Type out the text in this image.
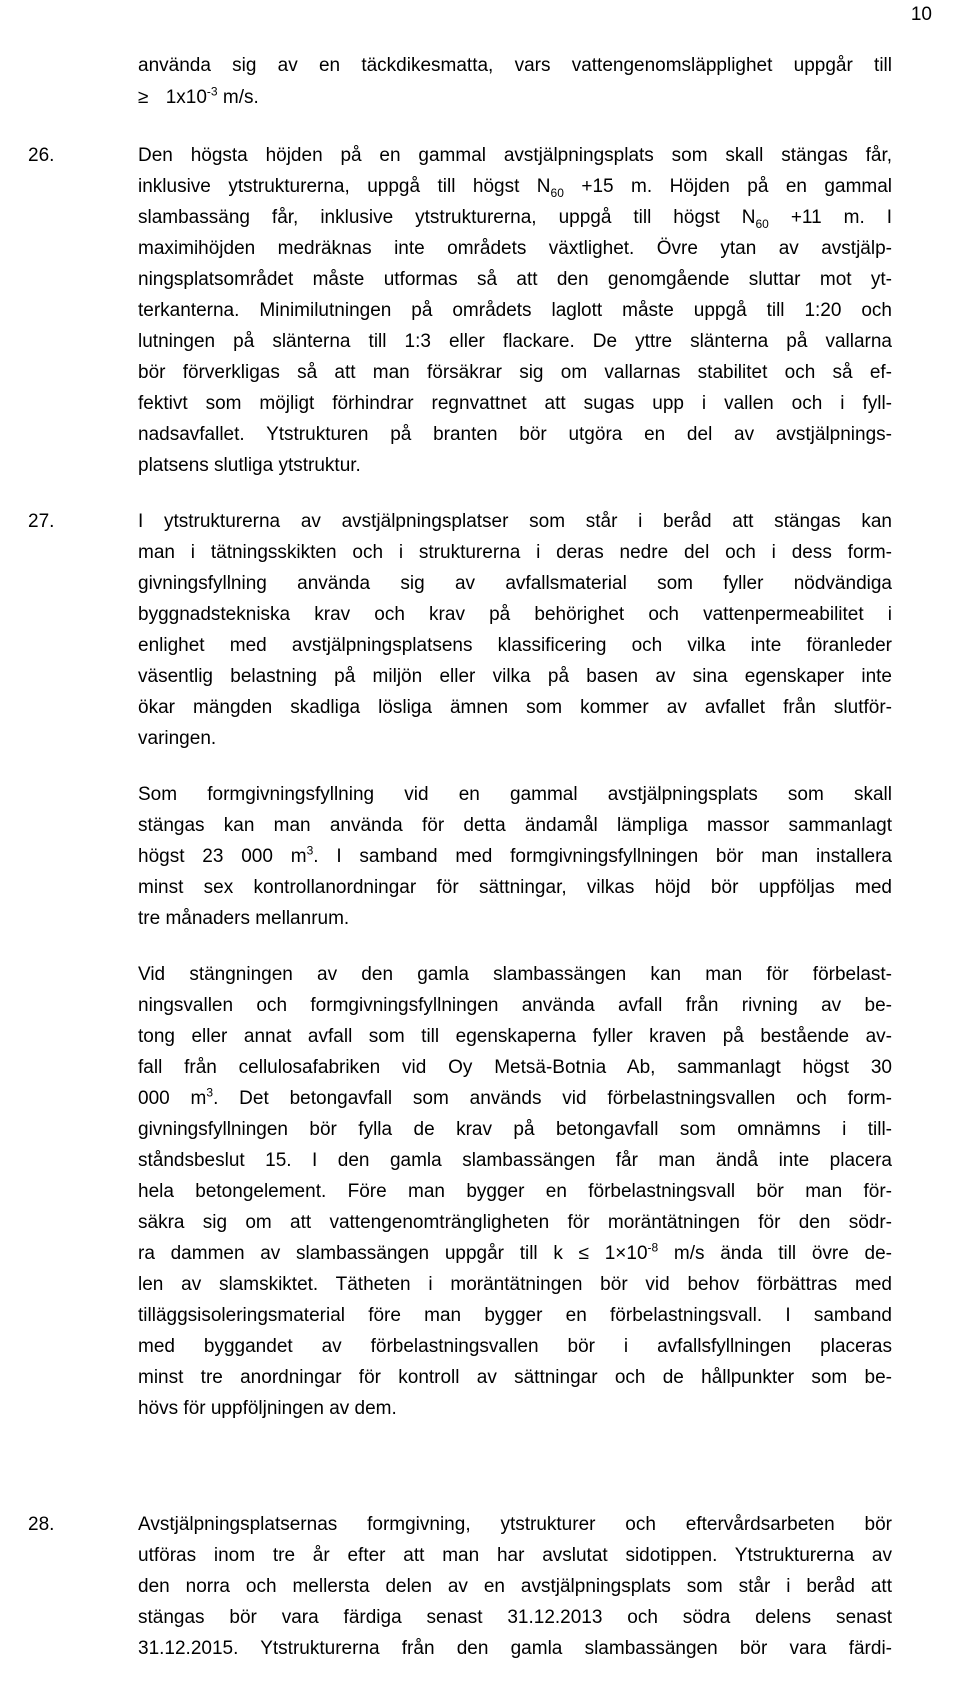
10
använda sig av en täckdikesmatta, vars vattengenomsläpplighet uppgår till
≥ $1x10^{-3}$ m/s.
26.	Den högsta höjden på en gammal avstjälpningsplats som skall stängas får,
inklusive ytstrukturerna, uppgå till högst $N_{60} +15$ m. Höjden på en gammal
slambassäng får, inklusive ytstrukturerna, uppgå till högst $N_{60} +11$ m. I
maximihöjden medräknas inte områdets växtlighet. Övre ytan av avstjälp-
ningsplatsområdet måste utformas så att den genomgående sluttar mot yt-
terkanterna. Minimilutningen på områdets laglott måste uppgå till 1:20 och
lutningen på slänterna till 1:3 eller flackare. De yttre slänterna på vallarna
bör förverkligas så att man försäkrar sig om vallarnas stabilitet och så ef-
fektivt som möjligt förhindrar regnvattnet att sugas upp i vallen och i fyll-
nadsavfallet. Ytstrukturen på branten bör utgöra en del av avstjälpnings-
platsens slutliga ytstruktur.
27.	I ytstrukturerna av avstjälpningsplatser som står i beråd att stängas kan
man i tätningsskikten och i strukturerna i deras nedre del och i dess form-
givningsfyllning använda sig av avfallsmaterial som fyller nödvändiga
byggnadstekniska krav och krav på behörighet och vattenpermeabilitet i
enlighet med avstjälpningsplatsens klassificering och vilka inte föranleder
väsentlig belastning på miljön eller vilka på basen av sina egenskaper inte
ökar mängden skadliga lösliga ämnen som kommer av avfallet från slutför-
varingen.
Som formgivningsfyllning vid en gammal avstjälpningsplats som skall
stängas kan man använda för detta ändamål lämpliga massor sammanlagt
högst 23 000 $m^3$. I samband med formgivningsfyllningen bör man installera
minst sex kontrollanordningar för sättningar, vilkas höjd bör uppföljas med
tre månaders mellanrum.
Vid stängningen av den gamla slambassängen kan man för förbelast-
ningsvallen och formgivningsfyllningen använda avfall från rivning av be-
tong eller annat avfall som till egenskaperna fyller kraven på bestående av-
fall från cellulosafabriken vid Oy Metsä-Botnia Ab, sammanlagt högst 30
000 $m^3$. Det betongavfall som används vid förbelastningsvallen och form-
givningsfyllningen bör fylla de krav på betongavfall som omnämns i till-
ståndsbeslut 15. I den gamla slambassängen får man ändå inte placera
hela betongelement. Före man bygger en förbelastningsvall bör man för-
säkra sig om att vattengenomträngligheten för moräntätningen för den södr-
ra dammen av slambassängen uppgår till $k \le 1\times 10^{-8}$ m/s ända till övre de-
len av slamskiktet. Tätheten i moräntätningen bör vid behov förbättras med
tilläggsisoleringsmaterial före man bygger en förbelastningsvall. I samband
med byggandet av förbelastningsvallen bör i avfallsfyllningen placeras
minst tre anordningar för kontroll av sättningar och de hållpunkter som be-
hövs för uppföljningen av dem.
28.	Avstjälpningsplatsernas formgivning, ytstrukturer och eftervårdsarbeten bör
utföras inom tre år efter att man har avslutat sidotippen. Ytstrukturerna av
den norra och mellersta delen av en avstjälpningsplats som står i beråd att
stängas bör vara färdiga senast 31.12.2013 och södra delens senast
31.12.2015. Ytstrukturerna från den gamla slambassängen bör vara färdi-
